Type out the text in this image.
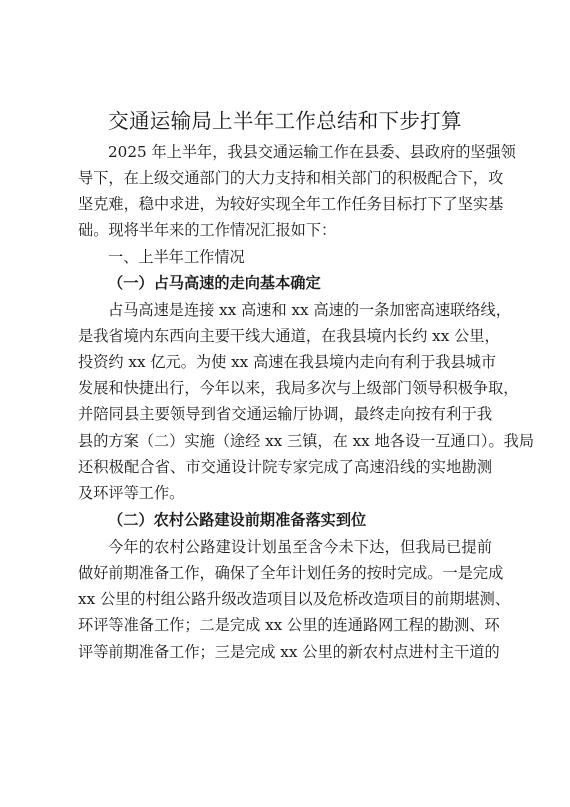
交通运输局上半年工作总结和下步打算
2025 年上半年，我县交通运输工作在县委、县政府的坚强领
导下，在上级交通部门的大力支持和相关部门的积极配合下，攻
坚克难，稳中求进，为较好实现全年工作任务目标打下了坚实基
础。现将半年来的工作情况汇报如下：
一、上半年工作情况
（一）占马高速的走向基本确定
占马高速是连接 xx 高速和 xx 高速的一条加密高速联络线，
是我省境内东西向主要干线大通道，在我县境内长约 xx 公里，
投资约 xx 亿元。为使 xx 高速在我县境内走向有利于我县城市
发展和快捷出行，今年以来，我局多次与上级部门领导积极争取，
并陪同县主要领导到省交通运输厅协调，最终走向按有利于我
县的方案（二）实施（途经 xx 三镇，在 xx 地各设一互通口）。我局
还积极配合省、市交通设计院专家完成了高速沿线的实地勘测
及环评等工作。
（二）农村公路建设前期准备落实到位
今年的农村公路建设计划虽至含今未下达，但我局已提前
做好前期准备工作，确保了全年计划任务的按时完成。一是完成
xx 公里的村组公路升级改造项目以及危桥改造项目的前期堪测、
环评等准备工作；二是完成 xx 公里的连通路网工程的勘测、环
评等前期准备工作；三是完成 xx 公里的新农村点进村主干道的
